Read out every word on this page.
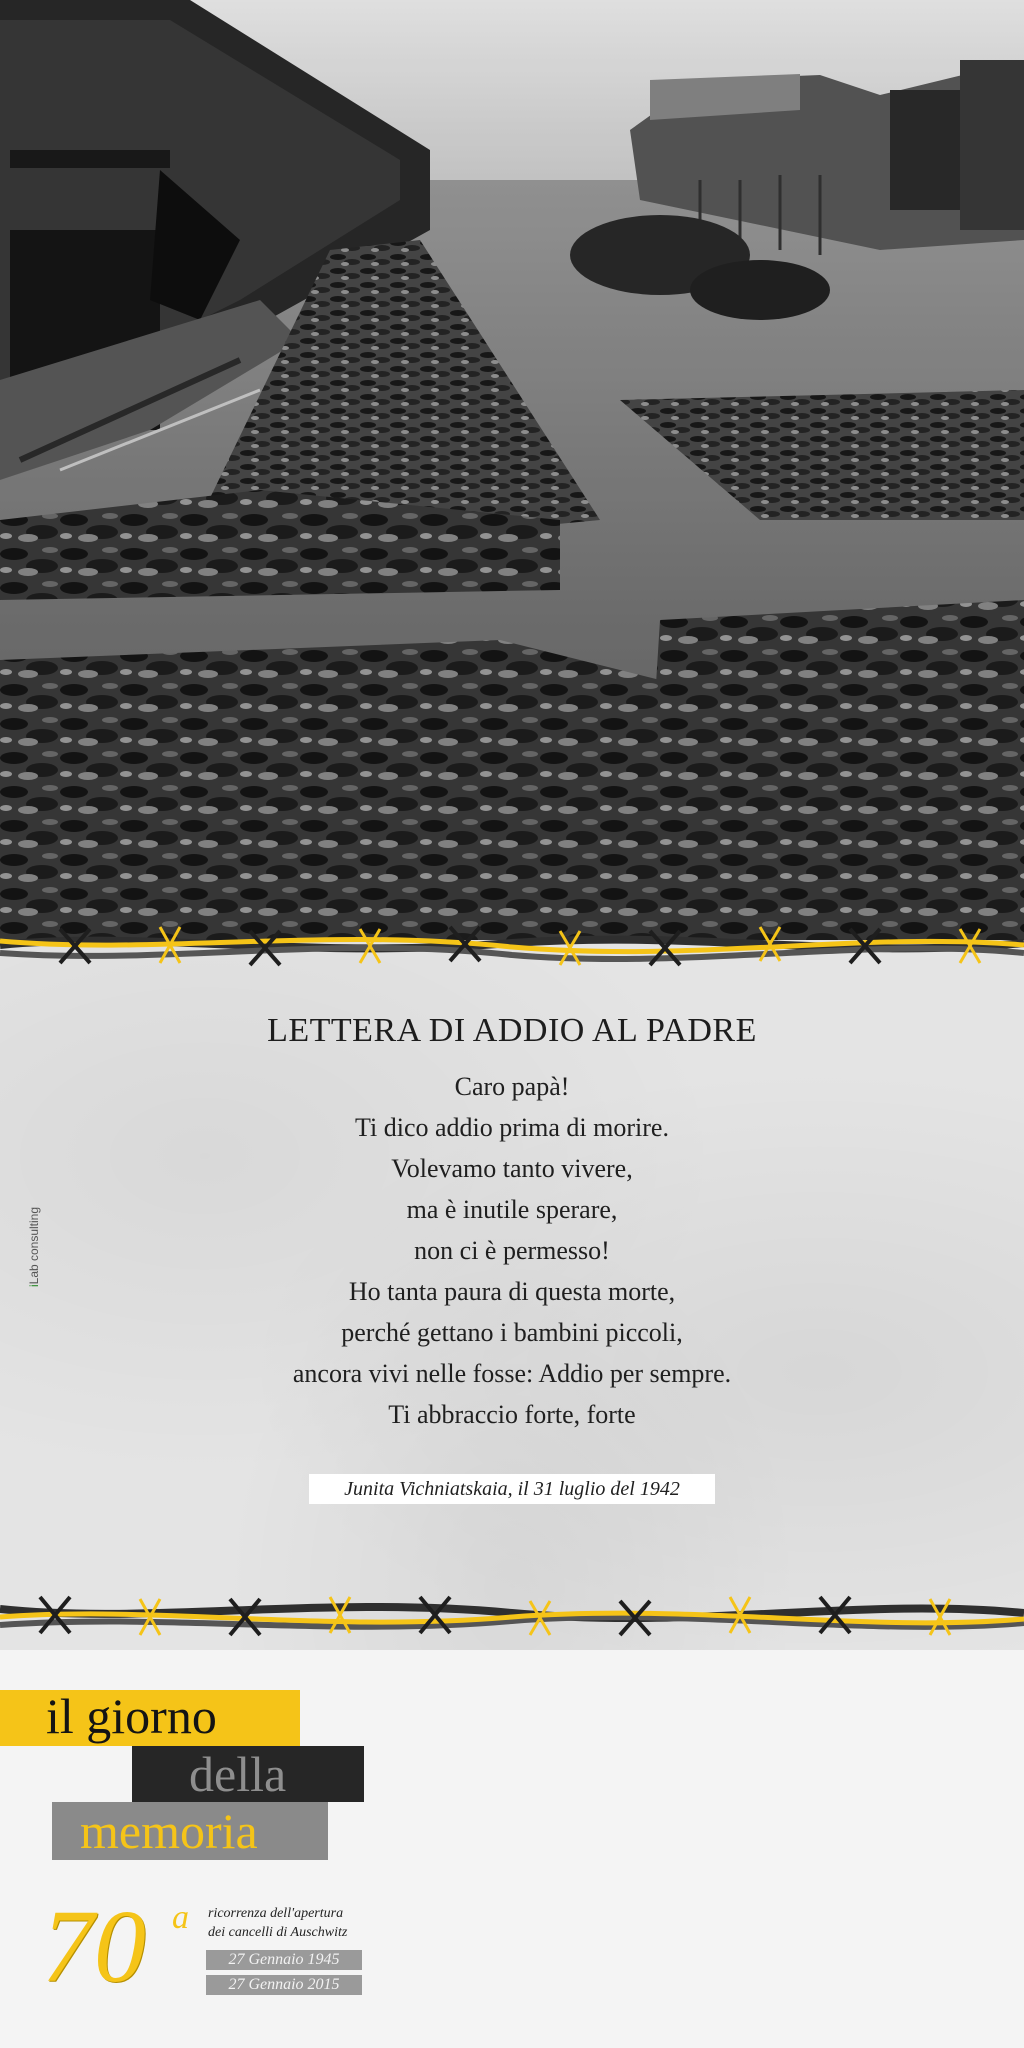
LETTERA DI ADDIO AL PADRE
Caro papà!
Ti dico addio prima di morire.
Volevamo tanto vivere,
ma è inutile sperare,
non ci è permesso!
Ho tanta paura di questa morte,
perché gettano i bambini piccoli,
ancora vivi nelle fosse: Addio per sempre.
Ti abbraccio forte, forte
Junita Vichniatskaia, il 31 luglio del 1942
iLab consulting
il giorno
della
memoria
70 a ricorrenza dell'apertura
dei cancelli di Auschwitz
27 Gennaio 1945
27 Gennaio 2015
